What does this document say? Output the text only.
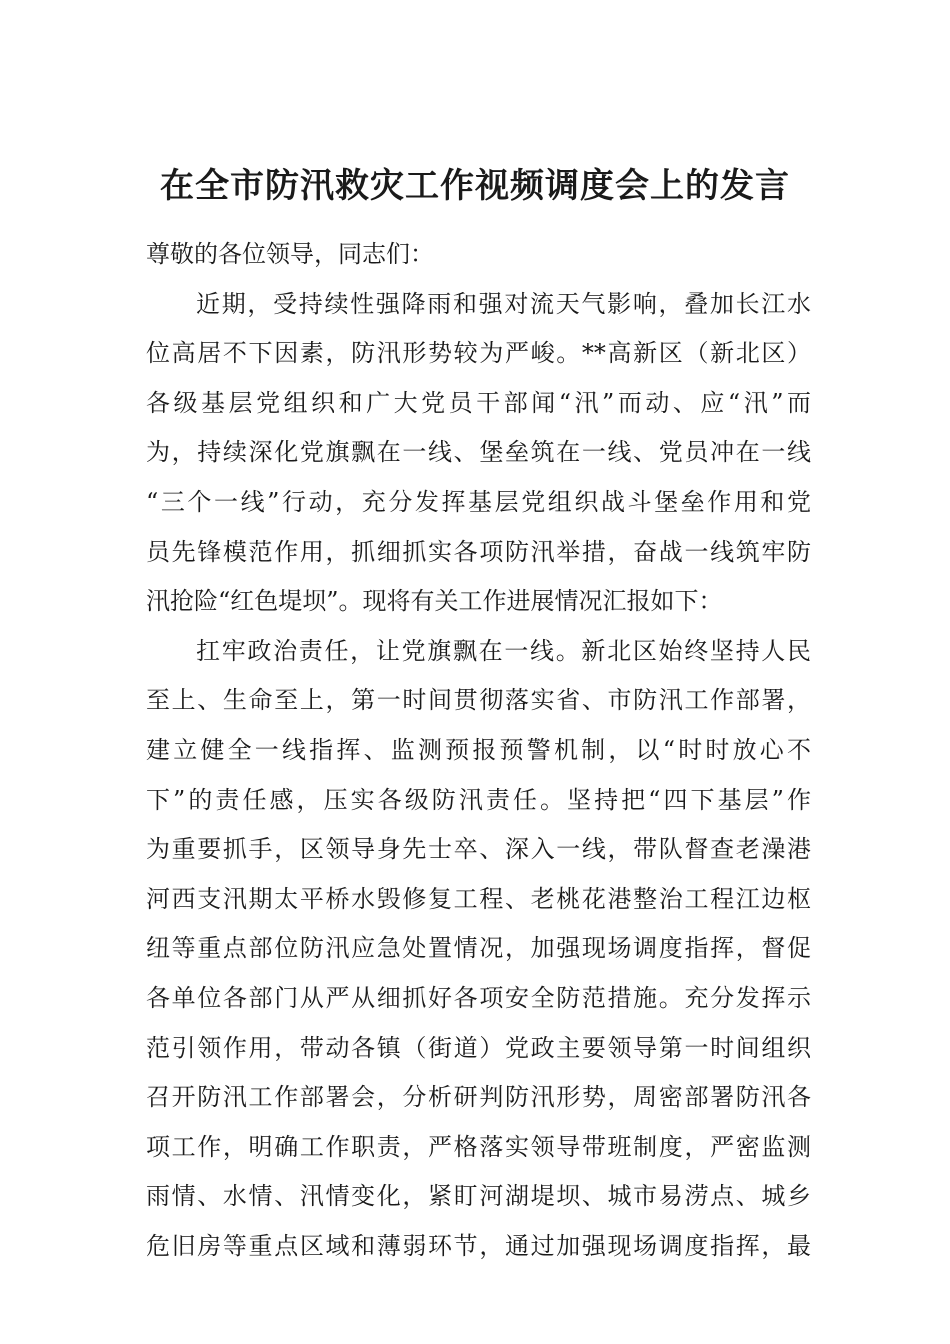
在全市防汛救灾工作视频调度会上的发言
尊敬的各位领导，同志们：
近期，受持续性强降雨和强对流天气影响，叠加长江水
位高居不下因素，防汛形势较为严峻。**高新区（新北区）
各级基层党组织和广大党员干部闻“汛”而动、应“汛”而
为，持续深化党旗飘在一线、堡垒筑在一线、党员冲在一线
“三个一线”行动，充分发挥基层党组织战斗堡垒作用和党
员先锋模范作用，抓细抓实各项防汛举措，奋战一线筑牢防
汛抢险“红色堤坝”。现将有关工作进展情况汇报如下：
扛牢政治责任，让党旗飘在一线。新北区始终坚持人民
至上、生命至上，第一时间贯彻落实省、市防汛工作部署，
建立健全一线指挥、监测预报预警机制，以“时时放心不
下”的责任感，压实各级防汛责任。坚持把“四下基层”作
为重要抓手，区领导身先士卒、深入一线，带队督查老澡港
河西支汛期太平桥水毁修复工程、老桃花港整治工程江边枢
纽等重点部位防汛应急处置情况，加强现场调度指挥，督促
各单位各部门从严从细抓好各项安全防范措施。充分发挥示
范引领作用，带动各镇（街道）党政主要领导第一时间组织
召开防汛工作部署会，分析研判防汛形势，周密部署防汛各
项工作，明确工作职责，严格落实领导带班制度，严密监测
雨情、水情、汛情变化，紧盯河湖堤坝、城市易涝点、城乡
危旧房等重点区域和薄弱环节，通过加强现场调度指挥，最
